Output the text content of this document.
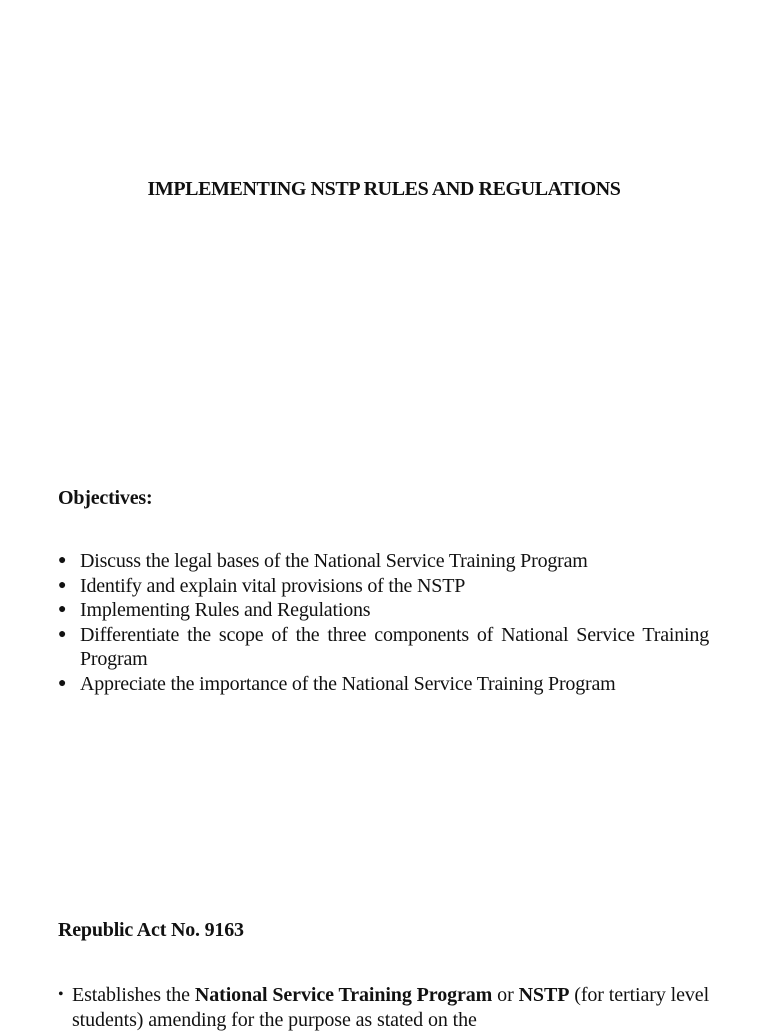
IMPLEMENTING NSTP RULES AND REGULATIONS
Objectives:
● Discuss the legal bases of the National Service Training Program
● Identify and explain vital provisions of the NSTP
● Implementing Rules and Regulations
● Differentiate the scope of the three components of National Service Training Program
● Appreciate the importance of the National Service Training Program
Republic Act No. 9163
• Establishes the National Service Training Program or NSTP (for tertiary level students) amending for the purpose as stated on the
